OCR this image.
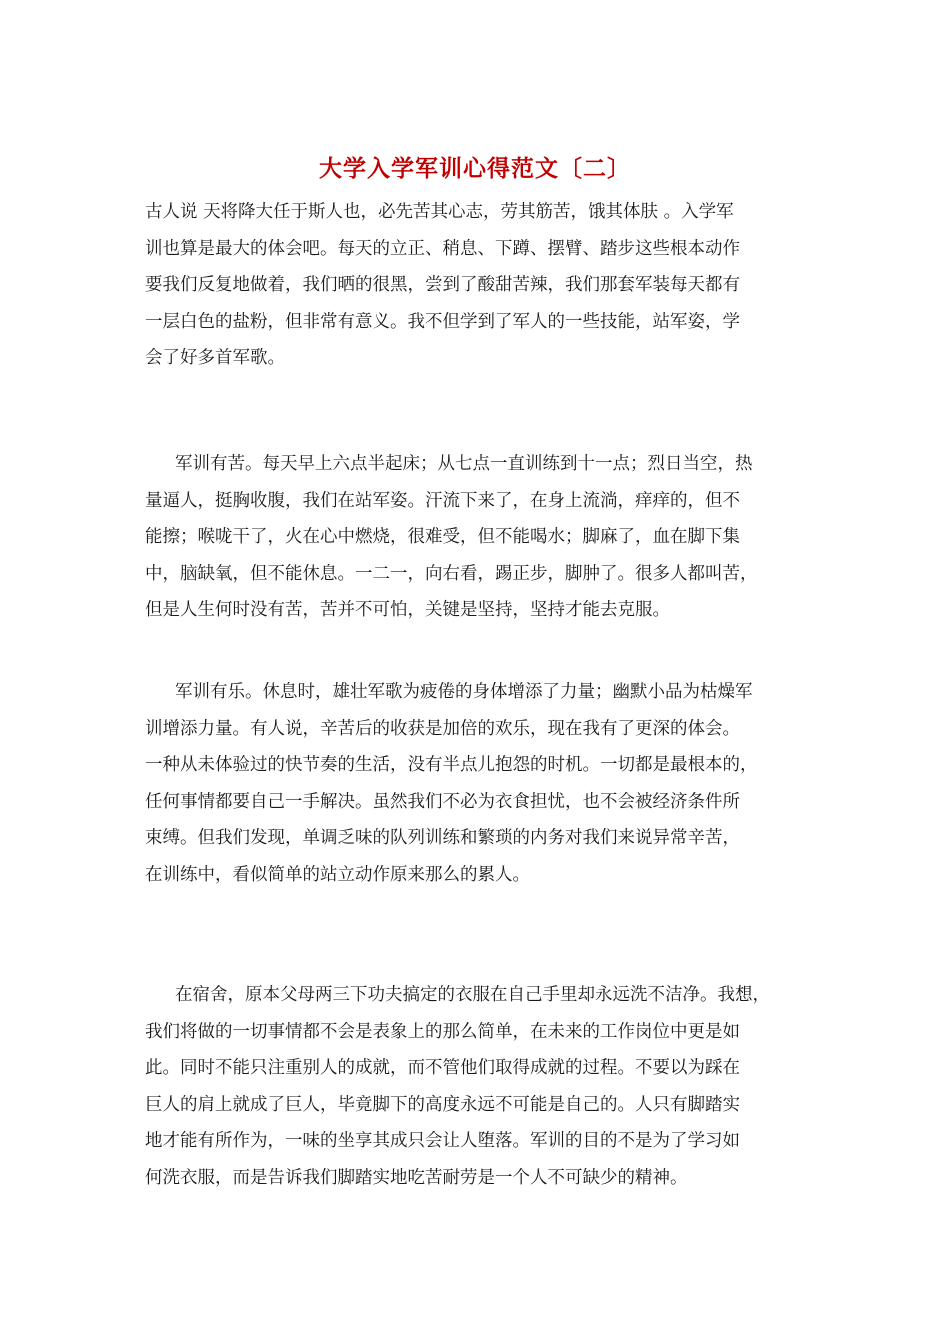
大学入学军训心得范文〔二〕
古人说 天将降大任于斯人也，必先苦其心志，劳其筋苦，饿其体肤 。入学军
训也算是最大的体会吧。每天的立正、稍息、下蹲、摆臂、踏步这些根本动作
要我们反复地做着，我们晒的很黑，尝到了酸甜苦辣，我们那套军装每天都有
一层白色的盐粉，但非常有意义。我不但学到了军人的一些技能，站军姿，学
会了好多首军歌。
军训有苦。每天早上六点半起床；从七点一直训练到十一点；烈日当空，热
量逼人，挺胸收腹，我们在站军姿。汗流下来了，在身上流淌，痒痒的，但不
能擦；喉咙干了，火在心中燃烧，很难受，但不能喝水；脚麻了，血在脚下集
中，脑缺氧，但不能休息。一二一，向右看，踢正步，脚肿了。很多人都叫苦，
但是人生何时没有苦，苦并不可怕，关键是坚持，坚持才能去克服。
军训有乐。休息时，雄壮军歌为疲倦的身体增添了力量；幽默小品为枯燥军
训增添力量。有人说，辛苦后的收获是加倍的欢乐，现在我有了更深的体会。
一种从未体验过的快节奏的生活，没有半点儿抱怨的时机。一切都是最根本的，
任何事情都要自己一手解决。虽然我们不必为衣食担忧，也不会被经济条件所
束缚。但我们发现，单调乏味的队列训练和繁琐的内务对我们来说异常辛苦，
在训练中，看似简单的站立动作原来那么的累人。
在宿舍，原本父母两三下功夫搞定的衣服在自己手里却永远洗不洁净。我想，
我们将做的一切事情都不会是表象上的那么简单，在未来的工作岗位中更是如
此。同时不能只注重别人的成就，而不管他们取得成就的过程。不要以为踩在
巨人的肩上就成了巨人，毕竟脚下的高度永远不可能是自己的。人只有脚踏实
地才能有所作为，一味的坐享其成只会让人堕落。军训的目的不是为了学习如
何洗衣服，而是告诉我们脚踏实地吃苦耐劳是一个人不可缺少的精神。
